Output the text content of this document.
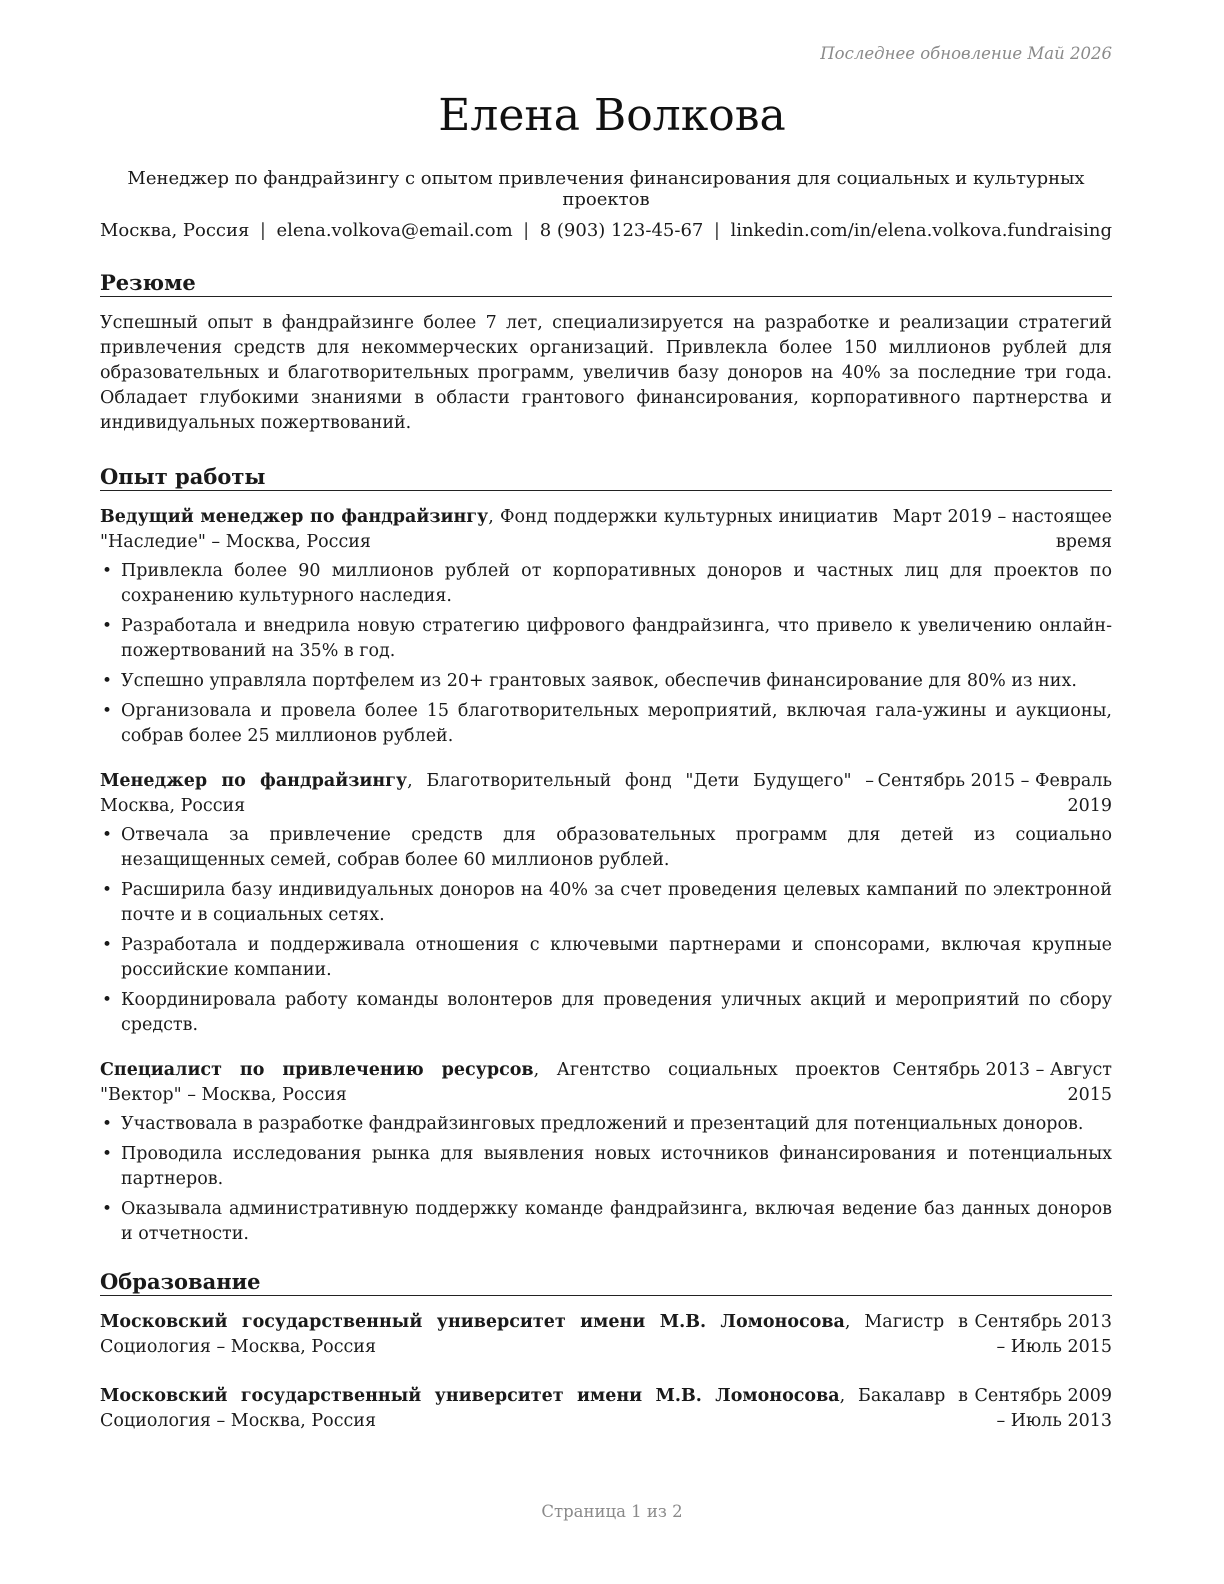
Последнее обновление Май 2026
Елена Волкова
Менеджер по фандрайзингу с опытом привлечения финансирования для социальных и культурных проектов
Москва, Россия | elena.volkova@email.com | 8 (903) 123-45-67 | linkedin.com/in/elena.volkova.fundraising
Резюме

Успешный опыт в фандрайзинге более 7 лет, специализируется на разработке и реализации стратегий привлечения средств для некоммерческих организаций. Привлекла более 150 миллионов рублей для образовательных и благотворительных программ, увеличив базу доноров на 40% за последние три года. Обладает глубокими знаниями в области грантового финансирования, корпоративного партнерства и индивидуальных пожертвований.

Опыт работы
Ведущий менеджер по фандрайзингу, Фонд поддержки культурных инициатив "Наследие" – Москва, Россия
Март 2019 – настоящее время
• Привлекла более 90 миллионов рублей от корпоративных доноров и частных лиц для проектов по сохранению культурного наследия.
• Разработала и внедрила новую стратегию цифрового фандрайзинга, что привело к увеличению онлайн-пожертвований на 35% в год.
• Успешно управляла портфелем из 20+ грантовых заявок, обеспечив финансирование для 80% из них.
• Организовала и провела более 15 благотворительных мероприятий, включая гала-ужины и аукционы, собрав более 25 миллионов рублей.
Менеджер по фандрайзингу, Благотворительный фонд "Дети Будущего" – Москва, Россия
Сентябрь 2015 – Февраль 2019
• Отвечала за привлечение средств для образовательных программ для детей из социально незащищенных семей, собрав более 60 миллионов рублей.
• Расширила базу индивидуальных доноров на 40% за счет проведения целевых кампаний по электронной почте и в социальных сетях.
• Разработала и поддерживала отношения с ключевыми партнерами и спонсорами, включая крупные российские компании.
• Координировала работу команды волонтеров для проведения уличных акций и мероприятий по сбору средств.
Специалист по привлечению ресурсов, Агентство социальных проектов "Вектор" – Москва, Россия
Сентябрь 2013 – Август 2015
• Участвовала в разработке фандрайзинговых предложений и презентаций для потенциальных доноров.
• Проводила исследования рынка для выявления новых источников финансирования и потенциальных партнеров.
• Оказывала административную поддержку команде фандрайзинга, включая ведение баз данных доноров и отчетности.
Образование
Московский государственный университет имени М.В. Ломоносова, Магистр в Социология – Москва, Россия
Сентябрь 2013 – Июль 2015
Московский государственный университет имени М.В. Ломоносова, Бакалавр в Социология – Москва, Россия
Сентябрь 2009 – Июль 2013
Страница 1 из 2
